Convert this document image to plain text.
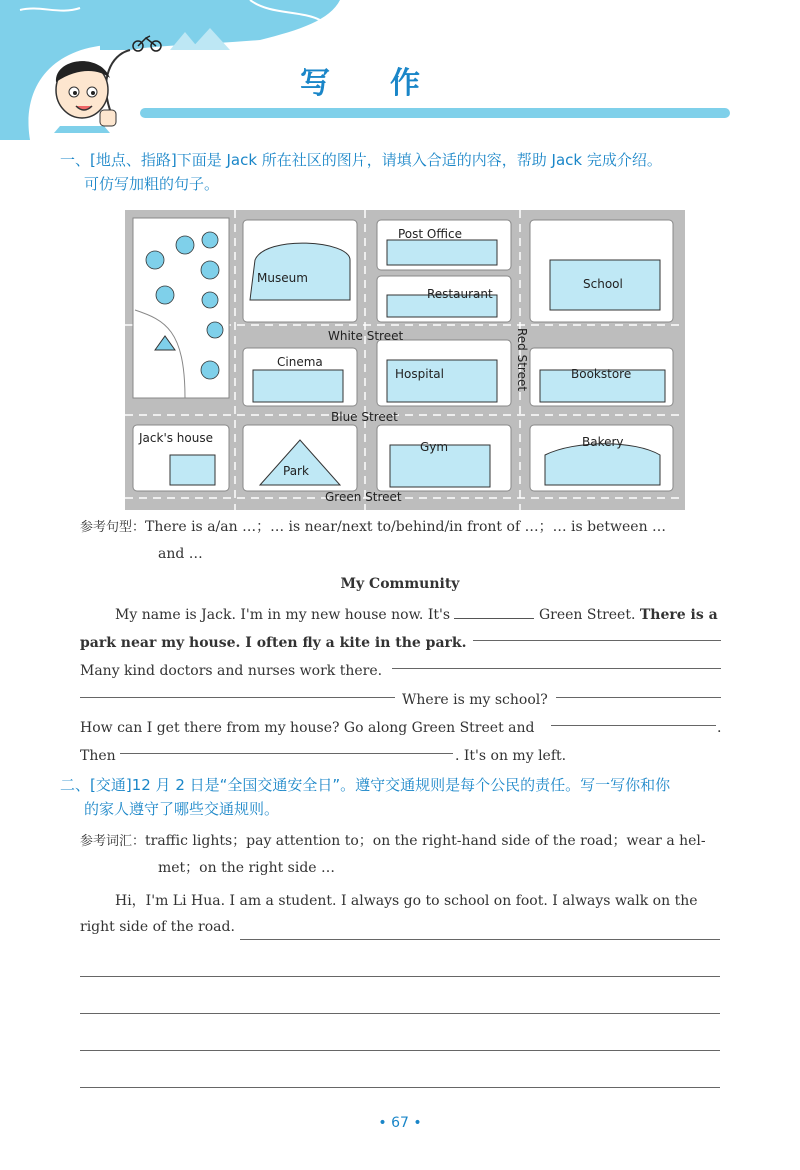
写作
一、[地点、指路]下面是 Jack 所在社区的图片，请填入合适的内容，帮助 Jack 完成介绍。
可仿写加粗的句子。
Museum
Post Office
Restaurant
School
Cinema
Hospital	Bookstore
Jack's house
Park
Gym	Bakery
White Street
Blue Street
Green Street
Red Street
参考句型：There is a/an …；… is near/next to/behind/in front of …；… is between …
and …
My Community
My name is Jack. I'm in my new house now. It's	Green Street. There is a
park near my house. I often fly a kite in the park.
Many kind doctors and nurses work there.
Where is my school?
How can I get there from my house? Go along Green Street and	.
Then	. It's on my left.
二、[交通]12 月 2 日是“全国交通安全日”。遵守交通规则是每个公民的责任。写一写你和你
的家人遵守了哪些交通规则。
参考词汇：traffic lights；pay attention to；on the right-hand side of the road；wear a hel-
met；on the right side …
Hi，I'm Li Hua. I am a student. I always go to school on foot. I always walk on the
right side of the road.
• 67 •
